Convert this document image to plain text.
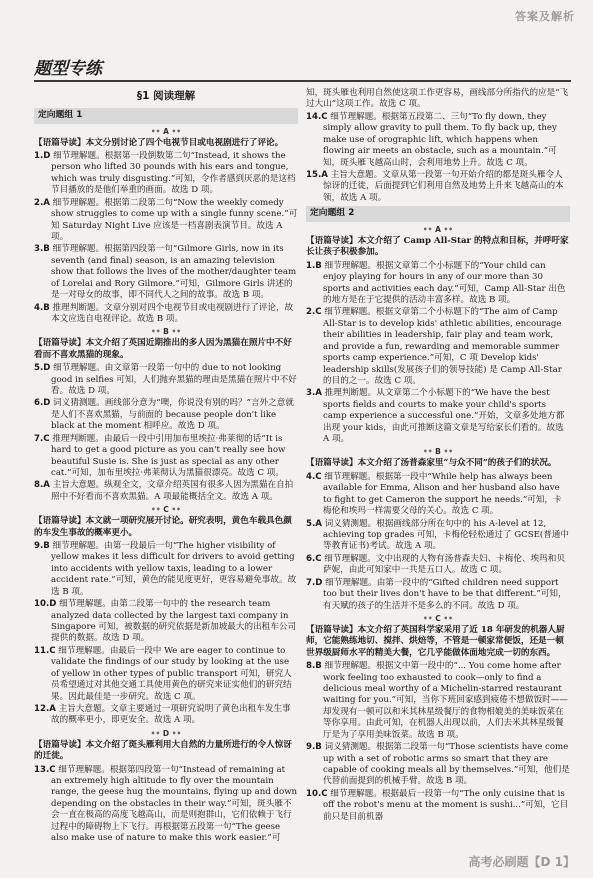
答案及解析
题型专练
§1 阅读理解
定向题组 1
•• A ••
【语篇导读】本文分别讨论了四个电视节目或电视剧进行了评论。
1.D 细节理解题。根据第一段倒数第二句“Instead, it shows the person who lifted 30 pounds with his ears and tongue, which was truly disgusting.”可知，令作者感到厌恶的是这档节目播放的是他们举重的画面。故选 D 项。
2.A 细节理解题。根据第二段第二句“Now the weekly comedy show struggles to come up with a single funny scene.”可知 Saturday Night Live 应该是一档喜剧表演节目。故选 A 项。
3.B 细节理解题。根据第四段第一句“Gilmore Girls, now in its seventh (and final) season, is an amazing television show that follows the lives of the mother/daughter team of Lorelai and Rory Gilmore.”可知，Gilmore Girls 讲述的是一对母女的故事，即不同代人之间的故事。故选 B 项。
4.B 推理判断题。文章分别对四个电视节目或电视剧进行了评论，故本文应选自电视评论。故选 B 项。
•• B ••
【语篇导读】本文介绍了英国近期推出的多人因为黑猫在照片中不好看而不喜欢黑猫的现象。
5.D 细节理解题。由文章第一段第一句中的 due to not looking good in selfies 可知，人们抛弃黑猫的理由是黑猫在照片中不好看。故选 D 项。
6.D 词义猜测题。画线部分意为“噢，你说没有别的吗？”言外之意就是人们不喜欢黑猫，与前面的 because people don't like black at the moment 相呼应。故选 D 项。
7.C 推理判断题。由最后一段中引用加布里埃拉·弗莱彻的话“It is hard to get a good picture as you can't really see how beautiful Susie is. She is just as special as any other cat.”可知，加布里埃拉·弗莱彻认为黑猫很漂亮。故选 C 项。
8.A 主旨大意题。纵观全文，文章介绍英国有很多人因为黑猫在自拍照中不好看而不喜欢黑猫。A 项最能概括全文。故选 A 项。
•• C ••
【语篇导读】本文就一项研究展开讨论。研究表明，黄色车载具色颜的车发生事故的概率更小。
9.B 细节理解题。由第一段最后一句“The higher visibility of yellow makes it less difficult for drivers to avoid getting into accidents with yellow taxis, leading to a lower accident rate.”可知，黄色的能见度更好，更容易避免事故。故选 B 项。
10.D 细节理解题。由第二段第一句中的 the research team analyzed data collected by the largest taxi company in Singapore 可知，被数据的研究依据是新加坡最大的出租车公司提供的数据。故选 D 项。
11.C 细节理解题。由最后一段中 We are eager to continue to validate the findings of our study by looking at the use of yellow in other types of public transport 可知，研究人员希望通过对其他交通工具使用黄色的研究来证实他们的研究结果。因此最佳是一步研究。故选 C 项。
12.A 主旨大意题。文章主要通过一项研究说明了黄色出租车发生事故的概率更小，即更安全。故选 A 项。
•• D ••
【语篇导读】本文介绍了斑头雁利用大自然的力量所进行的令人惊讶的迁徙。
13.C 细节理解题。根据第四段第一句“Instead of remaining at an extremely high altitude to fly over the mountain range, the geese hug the mountains, flying up and down depending on the obstacles in their way.”可知，斑头雁不会一直在极高的高度飞越高山，而是则抱群山，它们依赖于飞行过程中的障碍物上下飞行。再根据第五段第一句“The geese also make use of nature to make this work easier.”可
知，斑头雁也利用自然使这项工作更容易，画线部分所指代的应是“飞过大山”这项工作。故选 C 项。
14.C 细节理解题。根据第五段第二、三句“To fly down, they simply allow gravity to pull them. To fly back up, they make use of orographic lift, which happens when flowing air meets an obstacle, such as a mountain.”可知，斑头雁飞越高山时，会利用地势上升。故选 C 项。
15.A 主旨大意题。文章从第一段第一句开始介绍的都是斑头雁令人惊讶的迁徙，后面提到它们利用自然及地势上升来飞越高山的本领，故选 A 项。
定向题组 2
•• A ••
【语篇导读】本文介绍了 Camp All-Star 的特点和目标，并呼吁家长让孩子积极参加。
1.B 细节理解题。根据文章第二个小标题下的“Your child can enjoy playing for hours in any of our more than 30 sports and activities each day.”可知，Camp All-Star 出色的地方是在于它提供的活动丰富多样。故选 B 项。
2.C 细节理解题。根据文章第二个小标题下的“The aim of Camp All-Star is to develop kids' athletic abilities, encourage their abilities in leadership, fair play and team work, and provide a fun, rewarding and memorable summer sports camp experience.”可知，C 项 Develop kids' leadership skills(发展孩子们的领导技能) 是 Camp All-Star 的目的之一。故选 C 项。
3.A 推理判断题。从文章第二个小标题下的“We have the best sports fields and courts to make your child's sports camp experience a successful one.”开始，文章多处地方都出现 your kids，由此可推断这篇文章是写给家长们看的。故选 A 项。
•• B ••
【语篇导读】本文介绍了汤普森家里“与众不同”的孩子们的状况。
4.C 细节理解题。根据第一段中“While help has always been available for Emma, Alison and her husband also have to fight to get Cameron the support he needs.”可知，卡梅伦和埃玛一样需要父母的关心。故选 C 项。
5.A 词义猜测题。根据画线部分所在句中的 his A-level at 12, achieving top grades 可知，卡梅伦轻松通过了 GCSE(普通中等教育证书)考试。故选 A 项。
6.C 细节理解题。文中出现的人物有汤普森夫妇、卡梅伦、埃玛和贝萨妮，由此可知家中一共是五口人。故选 C 项。
7.D 细节理解题。由第一段中的“Gifted children need support too but their lives don't have to be that different.”可知，有天赋的孩子的生活并不是多么的不同。故选 D 项。
•• C ••
【语篇导读】本文介绍了英国科学家采用了近 18 年研发的机器人厨师，它能熟练地切、搅拌、烘焙等，不管是一顿家常便饭，还是一顿世界级厨师水平的精美大餐，它几乎能做体面地完成一切的东西。
8.B 细节理解题。根据文中第一段中的“... You come home after work feeling too exhausted to cook—only to find a delicious meal worthy of a Michelin-starred restaurant waiting for you.”可知，当你下班回家感到疲倦不想做饭时——却发现有一顿可以和米其林星级餐厅的食物相媲美的美味饭菜在等你享用。由此可知，在机器人出现以前，人们去米其林星级餐厅是为了享用美味饭菜。故选 B 项。
9.B 词义猜测题。根据第二段第一句“Those scientists have come up with a set of robotic arms so smart that they are capable of cooking meals all by themselves.”可知，他们是代替前面提到的机械手臂。故选 B 项。
10.C 细节理解题。根据最后一段第一句“The only cuisine that is off the robot's menu at the moment is sushi...”可知，它目前只是目前机器
高考必刷题【D 1】
